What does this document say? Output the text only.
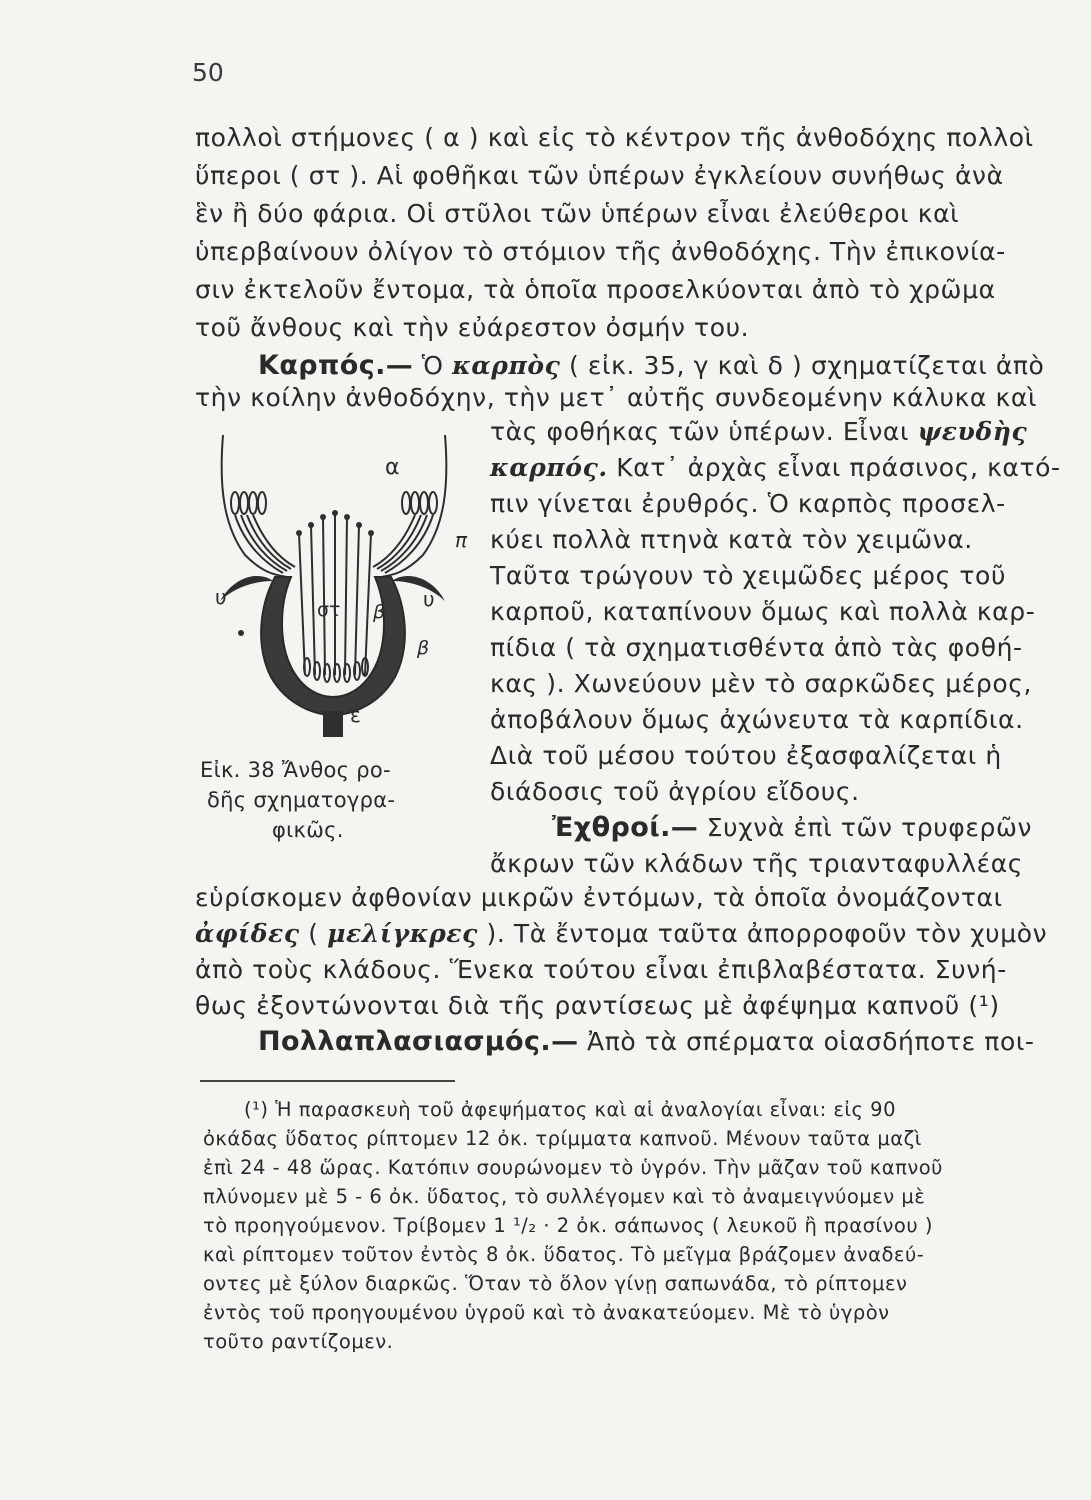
50
πολλοὶ στήμονες ( α ) καὶ εἰς τὸ κέντρον τῆς ἀνθοδόχης πολλοὶ
ὕπεροι ( στ ). Αἱ φοθῆκαι τῶν ὑπέρων ἐγκλείουν συνήθως ἀνὰ
ἓν ἢ δύο φάρια. Οἱ στῦλοι τῶν ὑπέρων εἶναι ἐλεύθεροι καὶ
ὑπερβαίνουν ὀλίγον τὸ στόμιον τῆς ἀνθοδόχης. Τὴν ἐπικονία-
σιν ἐκτελοῦν ἔντομα, τὰ ὁποῖα προσελκύονται ἀπὸ τὸ χρῶμα
τοῦ ἄνθους καὶ τὴν εὐάρεστον ὀσμήν του.
Καρπός.— Ὁ καρπὸς ( εἰκ. 35, γ καὶ δ ) σχηματίζεται ἀπὸ
τὴν κοίλην ἀνθοδόχην, τὴν μετ᾽ αὐτῆς συνδεομένην κάλυκα καὶ
τὰς φοθήκας τῶν ὑπέρων. Εἶναι ψευδὴς
καρπός. Κατ᾽ ἀρχὰς εἶναι πράσινος, κατό-
πιν γίνεται ἐρυθρός. Ὁ καρπὸς προσελ-
κύει πολλὰ πτηνὰ κατὰ τὸν χειμῶνα.
Ταῦτα τρώγουν τὸ χειμῶδες μέρος τοῦ
καρποῦ, καταπίνουν ὅμως καὶ πολλὰ καρ-
πίδια ( τὰ σχηματισθέντα ἀπὸ τὰς φοθή-
κας ). Χωνεύουν μὲν τὸ σαρκῶδες μέρος,
ἀποβάλουν ὅμως ἀχώνευτα τὰ καρπίδια.
Διὰ τοῦ μέσου τούτου ἐξασφαλίζεται ἡ
διάδοσις τοῦ ἀγρίου εἴδους.
Ἐχθροί.— Συχνὰ ἐπὶ τῶν τρυφερῶν
ἄκρων τῶν κλάδων τῆς τριανταφυλλέας
εὑρίσκομεν ἀφθονίαν μικρῶν ἐντόμων, τὰ ὁποῖα ὀνομάζονται
ἀφίδες ( μελίγκρες ). Τὰ ἔντομα ταῦτα ἀπορροφοῦν τὸν χυμὸν
ἀπὸ τοὺς κλάδους. Ἕνεκα τούτου εἶναι ἐπιβλαβέστατα. Συνή-
θως ἐξοντώνονται διὰ τῆς ραντίσεως μὲ ἀφέψημα καπνοῦ (¹)
Πολλαπλασιασμός.— Ἀπὸ τὰ σπέρματα οἱασδήποτε ποι-
α
π
υ	υ
στ β
β
ε
Εἰκ. 38 Ἄνθος ρο-
δῆς σχηματογρα-
φικῶς.
(¹) Ἡ παρασκευὴ τοῦ ἀφεψήματος καὶ αἱ ἀναλογίαι εἶναι: εἰς 90
ὀκάδας ὕδατος ρίπτομεν 12 ὀκ. τρίμματα καπνοῦ. Μένουν ταῦτα μαζὶ
ἐπὶ 24 - 48 ὥρας. Κατόπιν σουρώνομεν τὸ ὑγρόν. Τὴν μᾶζαν τοῦ καπνοῦ
πλύνομεν μὲ 5 - 6 ὀκ. ὕδατος, τὸ συλλέγομεν καὶ τὸ ἀναμειγνύομεν μὲ
τὸ προηγούμενον. Τρίβομεν 1 ¹/₂ · 2 ὀκ. σάπωνος ( λευκοῦ ἢ πρασίνου )
καὶ ρίπτομεν τοῦτον ἐντὸς 8 ὀκ. ὕδατος. Τὸ μεῖγμα βράζομεν ἀναδεύ-
οντες μὲ ξύλον διαρκῶς. Ὅταν τὸ ὅλον γίνῃ σαπωνάδα, τὸ ρίπτομεν
ἐντὸς τοῦ προηγουμένου ὑγροῦ καὶ τὸ ἀνακατεύομεν. Μὲ τὸ ὑγρὸν
τοῦτο ραντίζομεν.
